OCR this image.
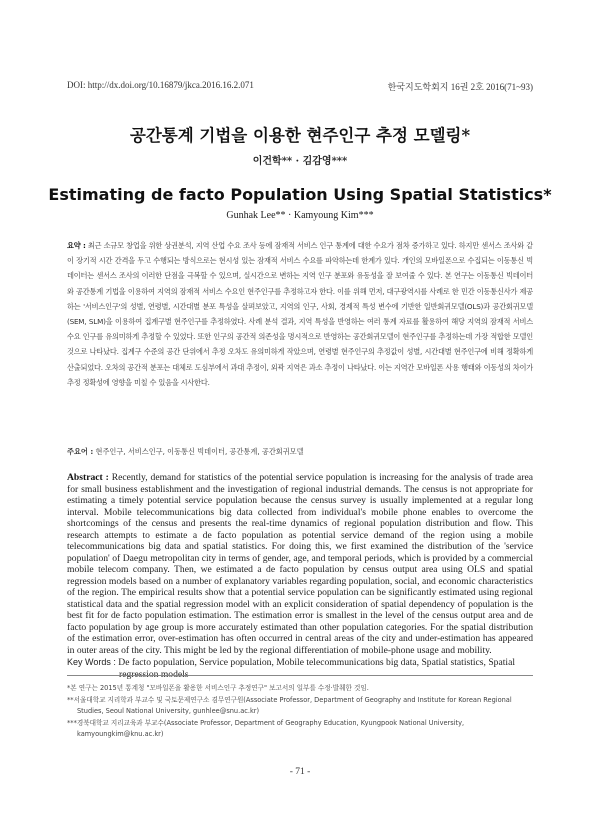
DOI: http://dx.doi.org/10.16879/jkca.2016.16.2.071	한국지도학회지 16권 2호 2016(71~93)
공간통계 기법을 이용한 현주인구 추정 모델링*
이건학** · 김감영***
Estimating de facto Population Using Spatial Statistics*
Gunhak Lee** · Kamyoung Kim***
요약 : 최근 소규모 창업을 위한 상권분석, 지역 산업 수요 조사 등에 잠재적 서비스 인구 통계에 대한 수요가 점차 증가하고 있다. 하지만 센서스 조사와 같이 장기적 시간 간격을 두고 수행되는 방식으로는 현시성 있는 잠재적 서비스 수요를 파악하는데 한계가 있다. 개인의 모바일폰으로 수집되는 이동통신 빅데이터는 센서스 조사의 이러한 단점을 극복할 수 있으며, 실시간으로 변하는 지역 인구 분포와 유동성을 잘 보여줄 수 있다. 본 연구는 이동통신 빅데이터와 공간통계 기법을 이용하여 지역의 잠재적 서비스 수요인 현주인구를 추정하고자 한다. 이를 위해 먼저, 대구광역시를 사례로 한 민간 이동통신사가 제공하는 '서비스인구'의 성별, 연령별, 시간대별 분포 특성을 살펴보았고, 지역의 인구, 사회, 경제적 특성 변수에 기반한 일반회귀모델(OLS)과 공간회귀모델(SEM, SLM)을 이용하여 집계구별 현주인구를 추정하였다. 사례 분석 결과, 지역 특성을 반영하는 여러 통계 자료를 활용하여 해당 지역의 잠재적 서비스 수요 인구를 유의미하게 추정할 수 있었다. 또한 인구의 공간적 의존성을 명시적으로 반영하는 공간회귀모델이 현주인구를 추정하는데 가장 적합한 모델인 것으로 나타났다. 집계구 수준의 공간 단위에서 추정 오차도 유의미하게 작았으며, 연령별 현주인구의 추정값이 성별, 시간대별 현주인구에 비해 정확하게 산출되었다. 오차의 공간적 분포는 대체로 도심부에서 과대 추정이, 외곽 지역은 과소 추정이 나타났다. 이는 지역간 모바일폰 사용 행태와 이동성의 차이가 추정 정확성에 영향을 미칠 수 있음을 시사한다.
주요어 : 현주인구, 서비스인구, 이동통신 빅데이터, 공간통계, 공간회귀모델
Abstract : Recently, demand for statistics of the potential service population is increasing for the analysis of trade area for small business establishment and the investigation of regional industrial demands. The census is not appropriate for estimating a timely potential service population because the census survey is usually implemented at a regular long interval. Mobile telecommunications big data collected from individual's mobile phone enables to overcome the shortcomings of the census and presents the real-time dynamics of regional population distribution and flow. This research attempts to estimate a de facto population as potential service demand of the region using a mobile telecommunications big data and spatial statistics. For doing this, we first examined the distribution of the 'service population' of Daegu metropolitan city in terms of gender, age, and temporal periods, which is provided by a commercial mobile telecom company. Then, we estimated a de facto population by census output area using OLS and spatial regression models based on a number of explanatory variables regarding population, social, and economic characteristics of the region. The empirical results show that a potential service population can be significantly estimated using regional statistical data and the spatial regression model with an explicit consideration of spatial dependency of population is the best fit for de facto population estimation. The estimation error is smallest in the level of the census output area and de facto population by age group is more accurately estimated than other population categories. For the spatial distribution of the estimation error, over-estimation has often occurred in central areas of the city and under-estimation has appeared in outer areas of the city. This might be led by the regional differentiation of mobile-phone usage and mobility.
Key Words : De facto population, Service population, Mobile telecommunications big data, Spatial statistics, Spatial
regression models

*본 연구는 2015년 통계청 "모바일폰을 활용한 서비스인구 추정연구" 보고서의 일부를 수정·발췌한 것임.

**서울대학교 지리학과 부교수 및 국토문제연구소 겸무연구원(Associate Professor, Department of Geography and Institute for Korean Regional Studies, Seoul National University, gunhlee@snu.ac.kr)

***경북대학교 지리교육과 부교수(Associate Professor, Department of Geography Education, Kyungpook National University, kamyoungkim@knu.ac.kr)

- 71 -
